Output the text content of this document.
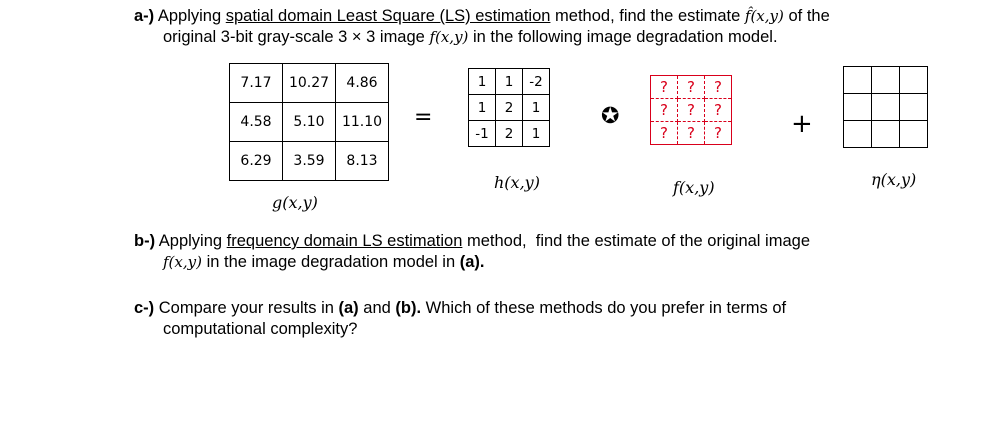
a-) Applying spatial domain Least Square (LS) estimation method, find the estimate f̂(x,y) of the
original 3-bit gray-scale 3 × 3 image f(x,y) in the following image degradation model.
7.17	10.27	4.86
4.58	5.10	11.10
6.29	3.59	8.13
g(x,y)
=
1	1	-2
1	2	1
-1	2	1
h(x,y)
✪
?	?	?
?	?	?
?	?	?
f(x,y)
+

η(x,y)
b-) Applying frequency domain LS estimation method,  find the estimate of the original image
f(x,y) in the image degradation model in (a).
c-) Compare your results in (a) and (b). Which of these methods do you prefer in terms of
computational complexity?
